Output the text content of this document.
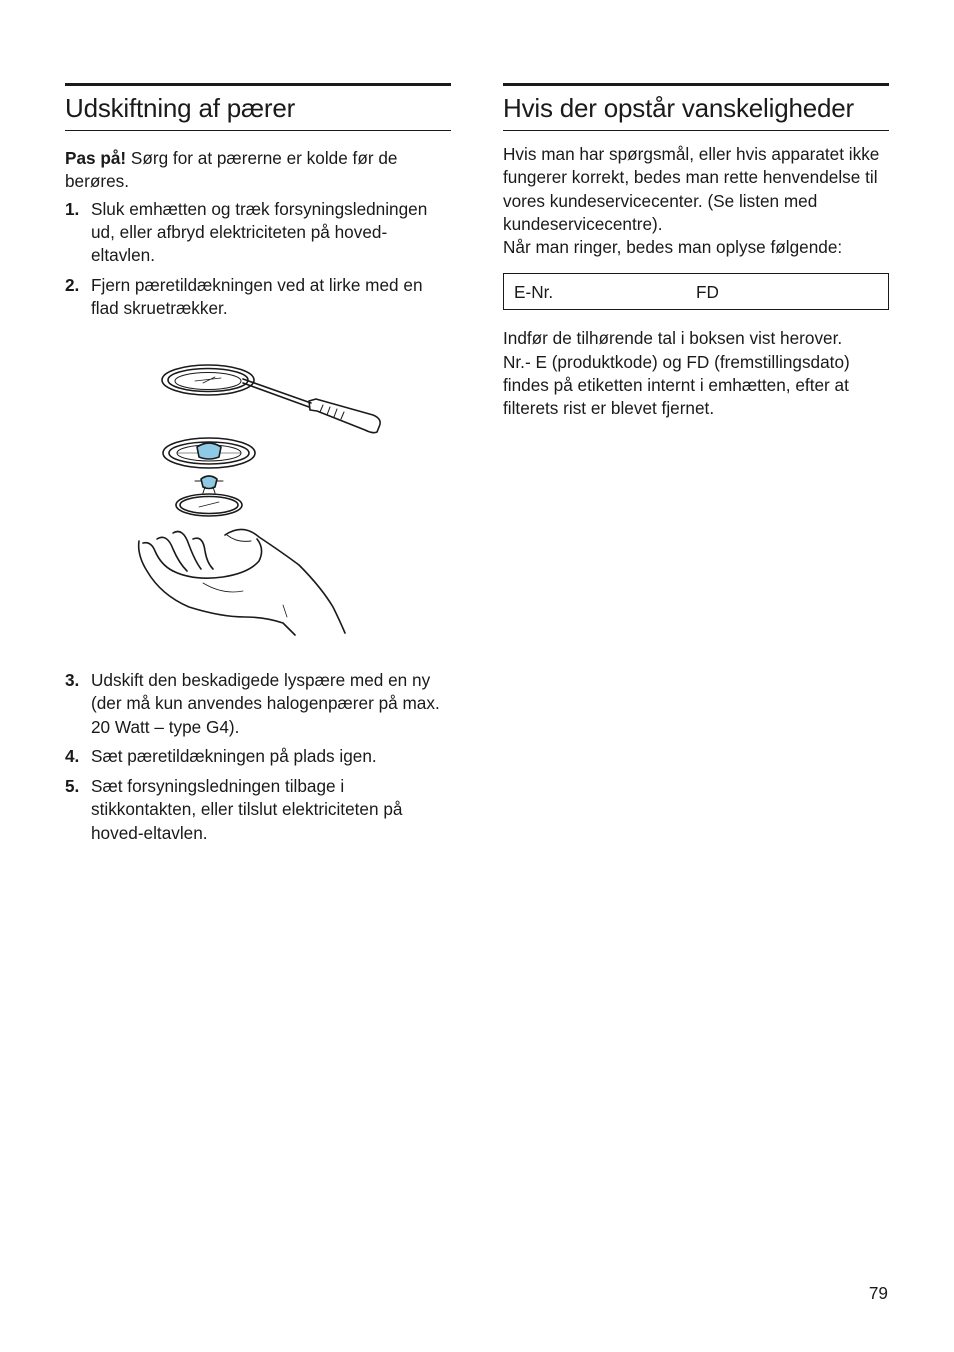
Udskiftning af pærer

Pas på! Sørg for at pærerne er kolde før de berøres.

1. Sluk emhætten og træk forsyningsledningen ud, eller afbryd elektriciteten på hoved-eltavlen.
2. Fjern pæretildækningen ved at lirke med en flad skruetrækker.
3. Udskift den beskadigede lyspære med en ny (der må kun anvendes halogenpærer på max. 20 Watt – type G4).
4. Sæt pæretildækningen på plads igen.
5. Sæt forsyningsledningen tilbage i stikkontakten, eller tilslut elektriciteten på hoved-eltavlen.
Hvis der opstår vanskeligheder

Hvis man har spørgsmål, eller hvis apparatet ikke fungerer korrekt, bedes man rette henvendelse til vores kundeservicecenter. (Se listen med kundeservicecentre).

Når man ringer, bedes man oplyse følgende:

E-Nr.	FD

Indfør de tilhørende tal i boksen vist herover.

Nr.- E (produktkode) og FD (fremstillingsdato) findes på etiketten internt i emhætten, efter at filterets rist er blevet fjernet.

79
